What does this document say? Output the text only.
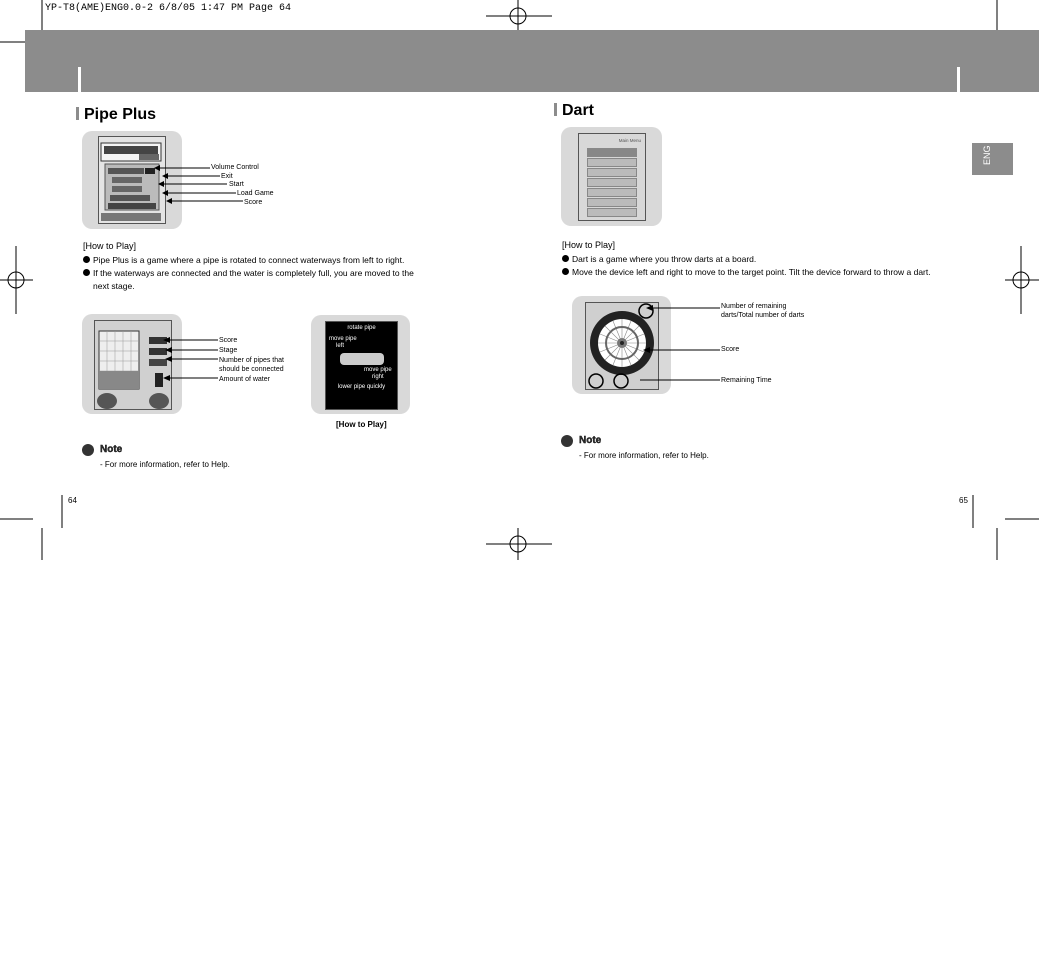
YP-T8(AME)ENG0.0-2 6/8/05 1:47 PM Page 64
Pipe Plus
Volume Control
Exit
Start
Load Game
Score
[How to Play]
Pipe Plus is a game where a pipe is rotated to connect waterways from left to right.
If the waterways are connected and the water is completely full, you are moved to the
next stage.
Score
Stage
Number of pipes that
should be connected
Amount of water
rotate pipe
move pipe
left
move pipe
right
lower pipe quickly
[How to Play]
Note
- For more information, refer to Help.
64
Dart
Main Menu
ENG
[How to Play]
Dart is a game where you throw darts at a board.
Move the device left and right to move to the target point. Tilt the device forward to throw a dart.
Number of remaining
darts/Total number of darts
Score
Remaining Time
Note
- For more information, refer to Help.
65
